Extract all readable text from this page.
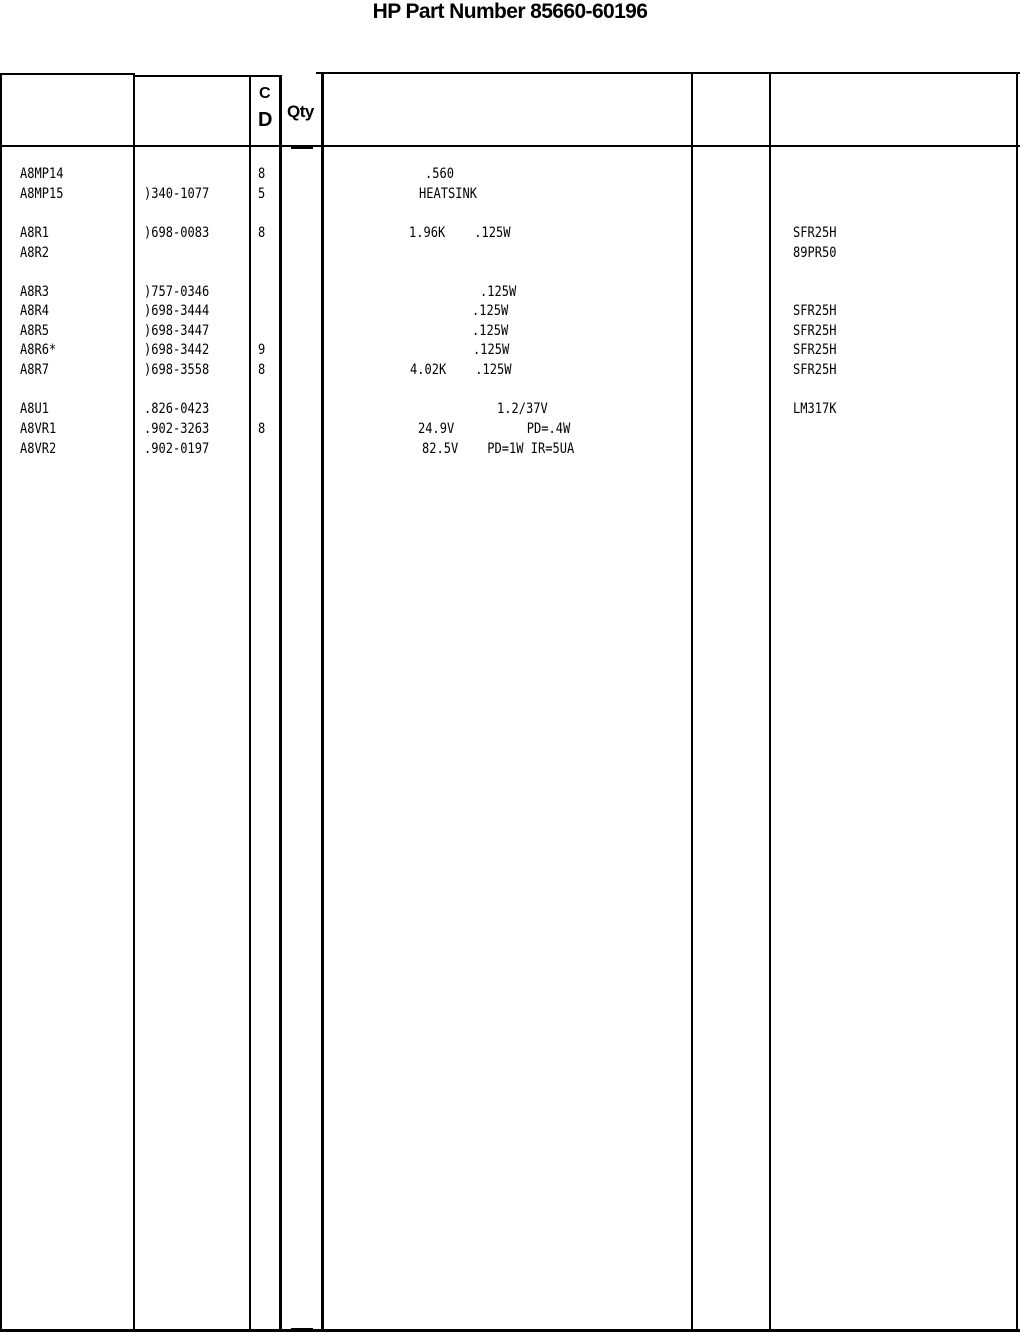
HP Part Number 85660-60196
C
D Qty
A8MP14	8	.560
A8MP15	)340-1077	5	HEATSINK
A8R1	)698-0083	8	1.96K    .125W	SFR25H
A8R2	89PR50
A8R3	)757-0346	.125W
A8R4	)698-3444	.125W	SFR25H
A8R5	)698-3447	.125W	SFR25H
A8R6*	)698-3442	9	.125W	SFR25H
A8R7	)698-3558	8	4.02K    .125W	SFR25H
A8U1	.826-0423	1.2/37V	LM317K
A8VR1	.902-3263	8	24.9V          PD=.4W
A8VR2	.902-0197	82.5V    PD=1W IR=5UA
